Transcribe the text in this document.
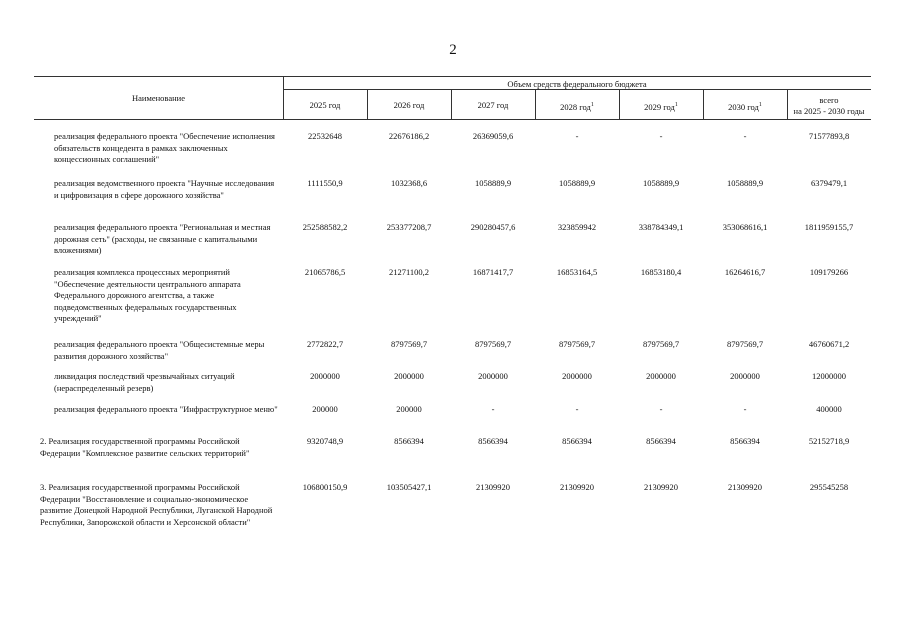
2
Наименование
Объем средств федерального бюджета
2025 год	2026 год	2027 год	2028 год$^1$	2029 год$^1$	2030 год$^1$	всего
на 2025 - 2030 годы
реализация федерального проекта "Обеспечение исполнения обязательств концедента в рамках заключенных концессионных соглашений"
22532648	22676186,2	26369059,6	-	-	-	71577893,8
реализация ведомственного проекта "Научные исследования и цифровизация в сфере дорожного хозяйства"
1111550,9	1032368,6	1058889,9	1058889,9	1058889,9	1058889,9	6379479,1
реализация федерального проекта "Региональная и местная дорожная сеть" (расходы, не связанные с капитальными вложениями)
252588582,2	253377208,7	290280457,6	323859942	338784349,1	353068616,1	1811959155,7
реализация комплекса процессных мероприятий "Обеспечение деятельности центрального аппарата Федерального дорожного агентства, а также подведомственных федеральных государственных учреждений"
21065786,5	21271100,2	16871417,7	16853164,5	16853180,4	16264616,7	109179266
реализация федерального проекта "Общесистемные меры развития дорожного хозяйства"
2772822,7	8797569,7	8797569,7	8797569,7	8797569,7	8797569,7	46760671,2
ликвидация последствий чрезвычайных ситуаций (нераспределенный резерв)
2000000	2000000	2000000	2000000	2000000	2000000	12000000
реализация федерального проекта "Инфраструктурное меню"	200000	200000	-	-	-	-	400000
2. Реализация государственной программы Российской Федерации "Комплексное развитие сельских территорий"
9320748,9	8566394	8566394	8566394	8566394	8566394	52152718,9
3. Реализация государственной программы Российской Федерации "Восстановление и социально-экономическое развитие Донецкой Народной Республики, Луганской Народной Республики, Запорожской области и Херсонской области"
106800150,9	103505427,1	21309920	21309920	21309920	21309920	295545258
